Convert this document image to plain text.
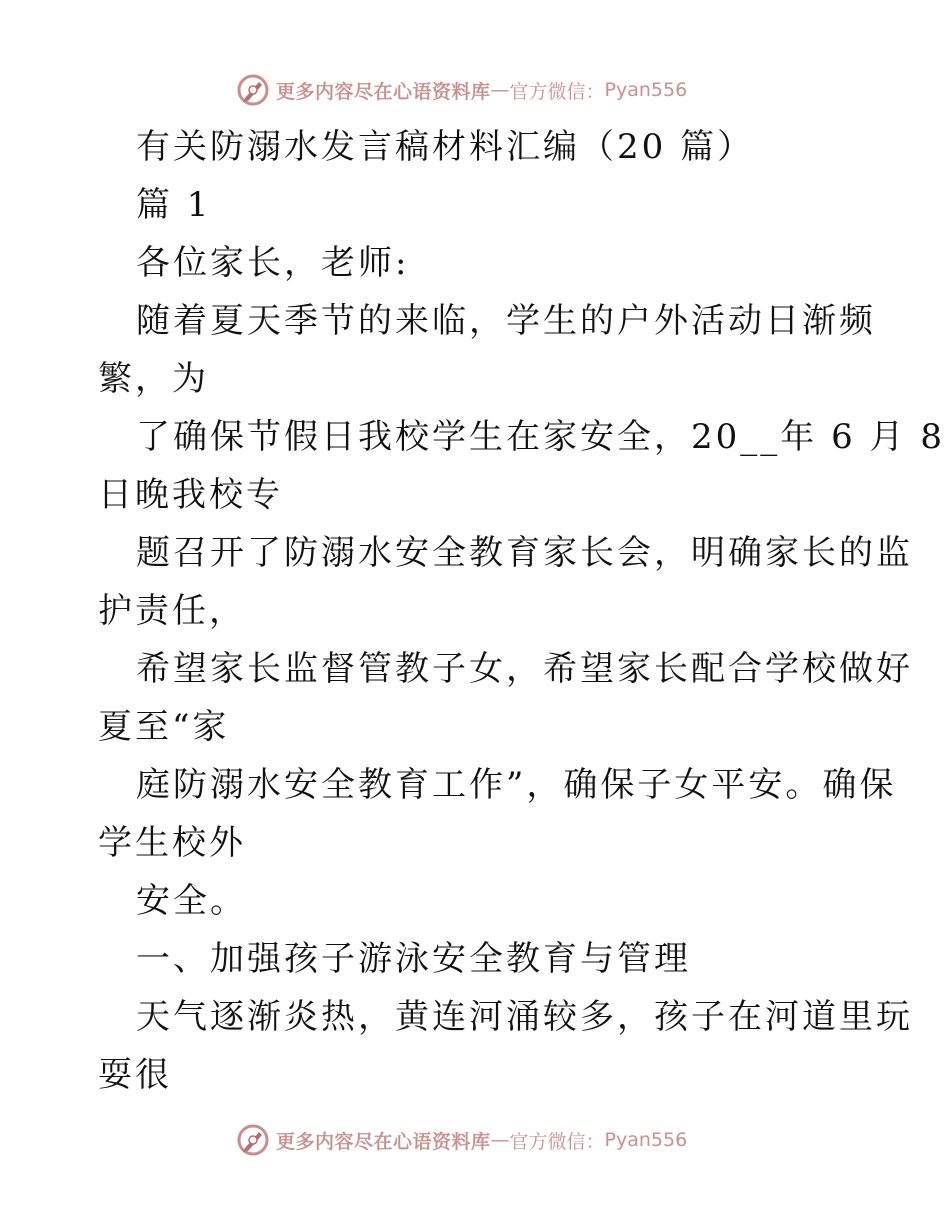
更多内容尽在心语资料库 — 官方微信： Pyan556
有关防溺水发言稿材料汇编（20 篇）
篇 1
各位家长，老师:
随着夏天季节的来临，学生的户外活动日渐频
繁，为
了确保节假日我校学生在家安全，20__年 6 月 8
日晚我校专
题召开了防溺水安全教育家长会，明确家长的监
护责任，
希望家长监督管教子女，希望家长配合学校做好
夏至“家
庭防溺水安全教育工作”，确保子女平安。确保
学生校外
安全。
一、加强孩子游泳安全教育与管理
天气逐渐炎热，黄连河涌较多，孩子在河道里玩
耍很
更多内容尽在心语资料库 — 官方微信： Pyan556
